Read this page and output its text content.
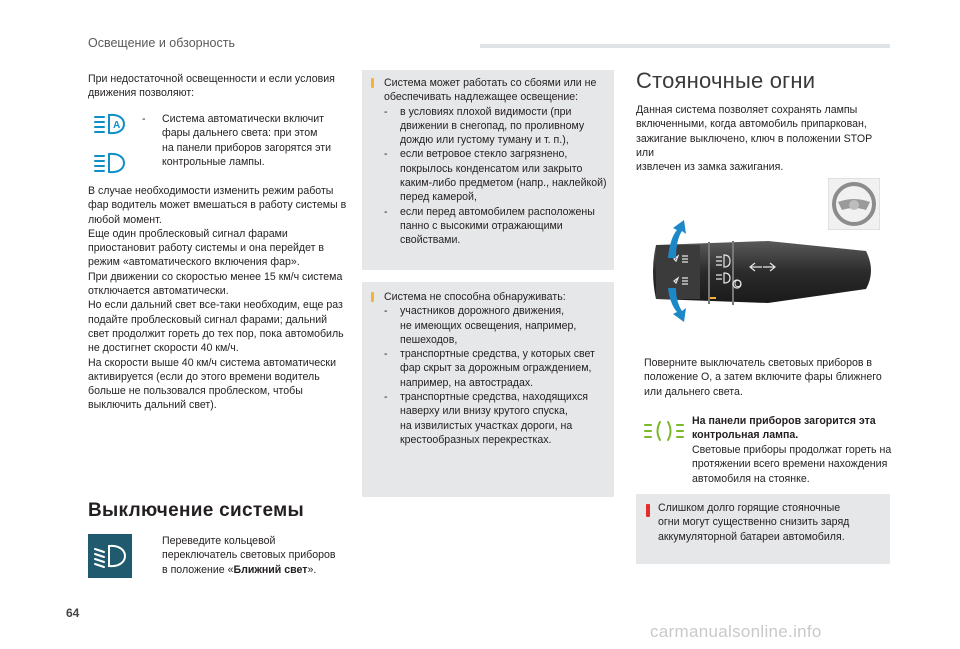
Освещение и обзорность
При недостаточной освещенности и если условия движения позволяют:
A
- Система автоматически включит
фары дальнего света: при этом
на панели приборов загорятся эти
контрольные лампы.
В случае необходимости изменить режим работы
фар водитель может вмешаться в работу системы в
любой момент.
Еще один проблесковый сигнал фарами
приостановит работу системы и она перейдет в
режим «автоматического включения фар».
При движении со скоростью менее 15 км/ч система
отключается автоматически.
Но если дальний свет все-таки необходим, еще раз
подайте проблесковый сигнал фарами; дальний
свет продолжит гореть до тех пор, пока автомобиль
не достигнет скорости 40 км/ч.
На скорости выше 40 км/ч система автоматически
активируется (если до этого времени водитель
больше не пользовался проблеском, чтобы
выключить дальний свет).
Выключение системы
Переведите кольцевой
переключатель световых приборов
в положение «Ближний свет».
Система может работать со сбоями или не
обеспечивать надлежащее освещение:
-	в условиях плохой видимости (при
движении в снегопад, по проливному
дождю или густому туману и т. п.),
-	если ветровое стекло загрязнено,
покрылось конденсатом или закрыто
каким-либо предметом (напр., наклейкой)
перед камерой,
-	если перед автомобилем расположены
панно с высокими отражающими
свойствами.
Система не способна обнаруживать:
-	участников дорожного движения,
не имеющих освещения, например,
пешеходов,
-	транспортные средства, у которых свет
фар скрыт за дорожным ограждением,
например, на автострадах.
-	транспортные средства, находящихся
наверху или внизу крутого спуска,
на извилистых участках дороги, на
крестообразных перекрестках.
Стояночные огни
Данная система позволяет сохранять лампы
включенными, когда автомобиль припаркован,
зажигание выключено, ключ в положении STOP или
извлечен из замка зажигания.
O
Поверните выключатель световых приборов в
положение O, а затем включите фары ближнего
или дальнего света.
На панели приборов загорится эта
контрольная лампа.
Световые приборы продолжат гореть на
протяжении всего времени нахождения
автомобиля на стоянке.
Слишком долго горящие стояночные
огни могут существенно снизить заряд
аккумуляторной батареи автомобиля.
64
carmanualsonline.info
